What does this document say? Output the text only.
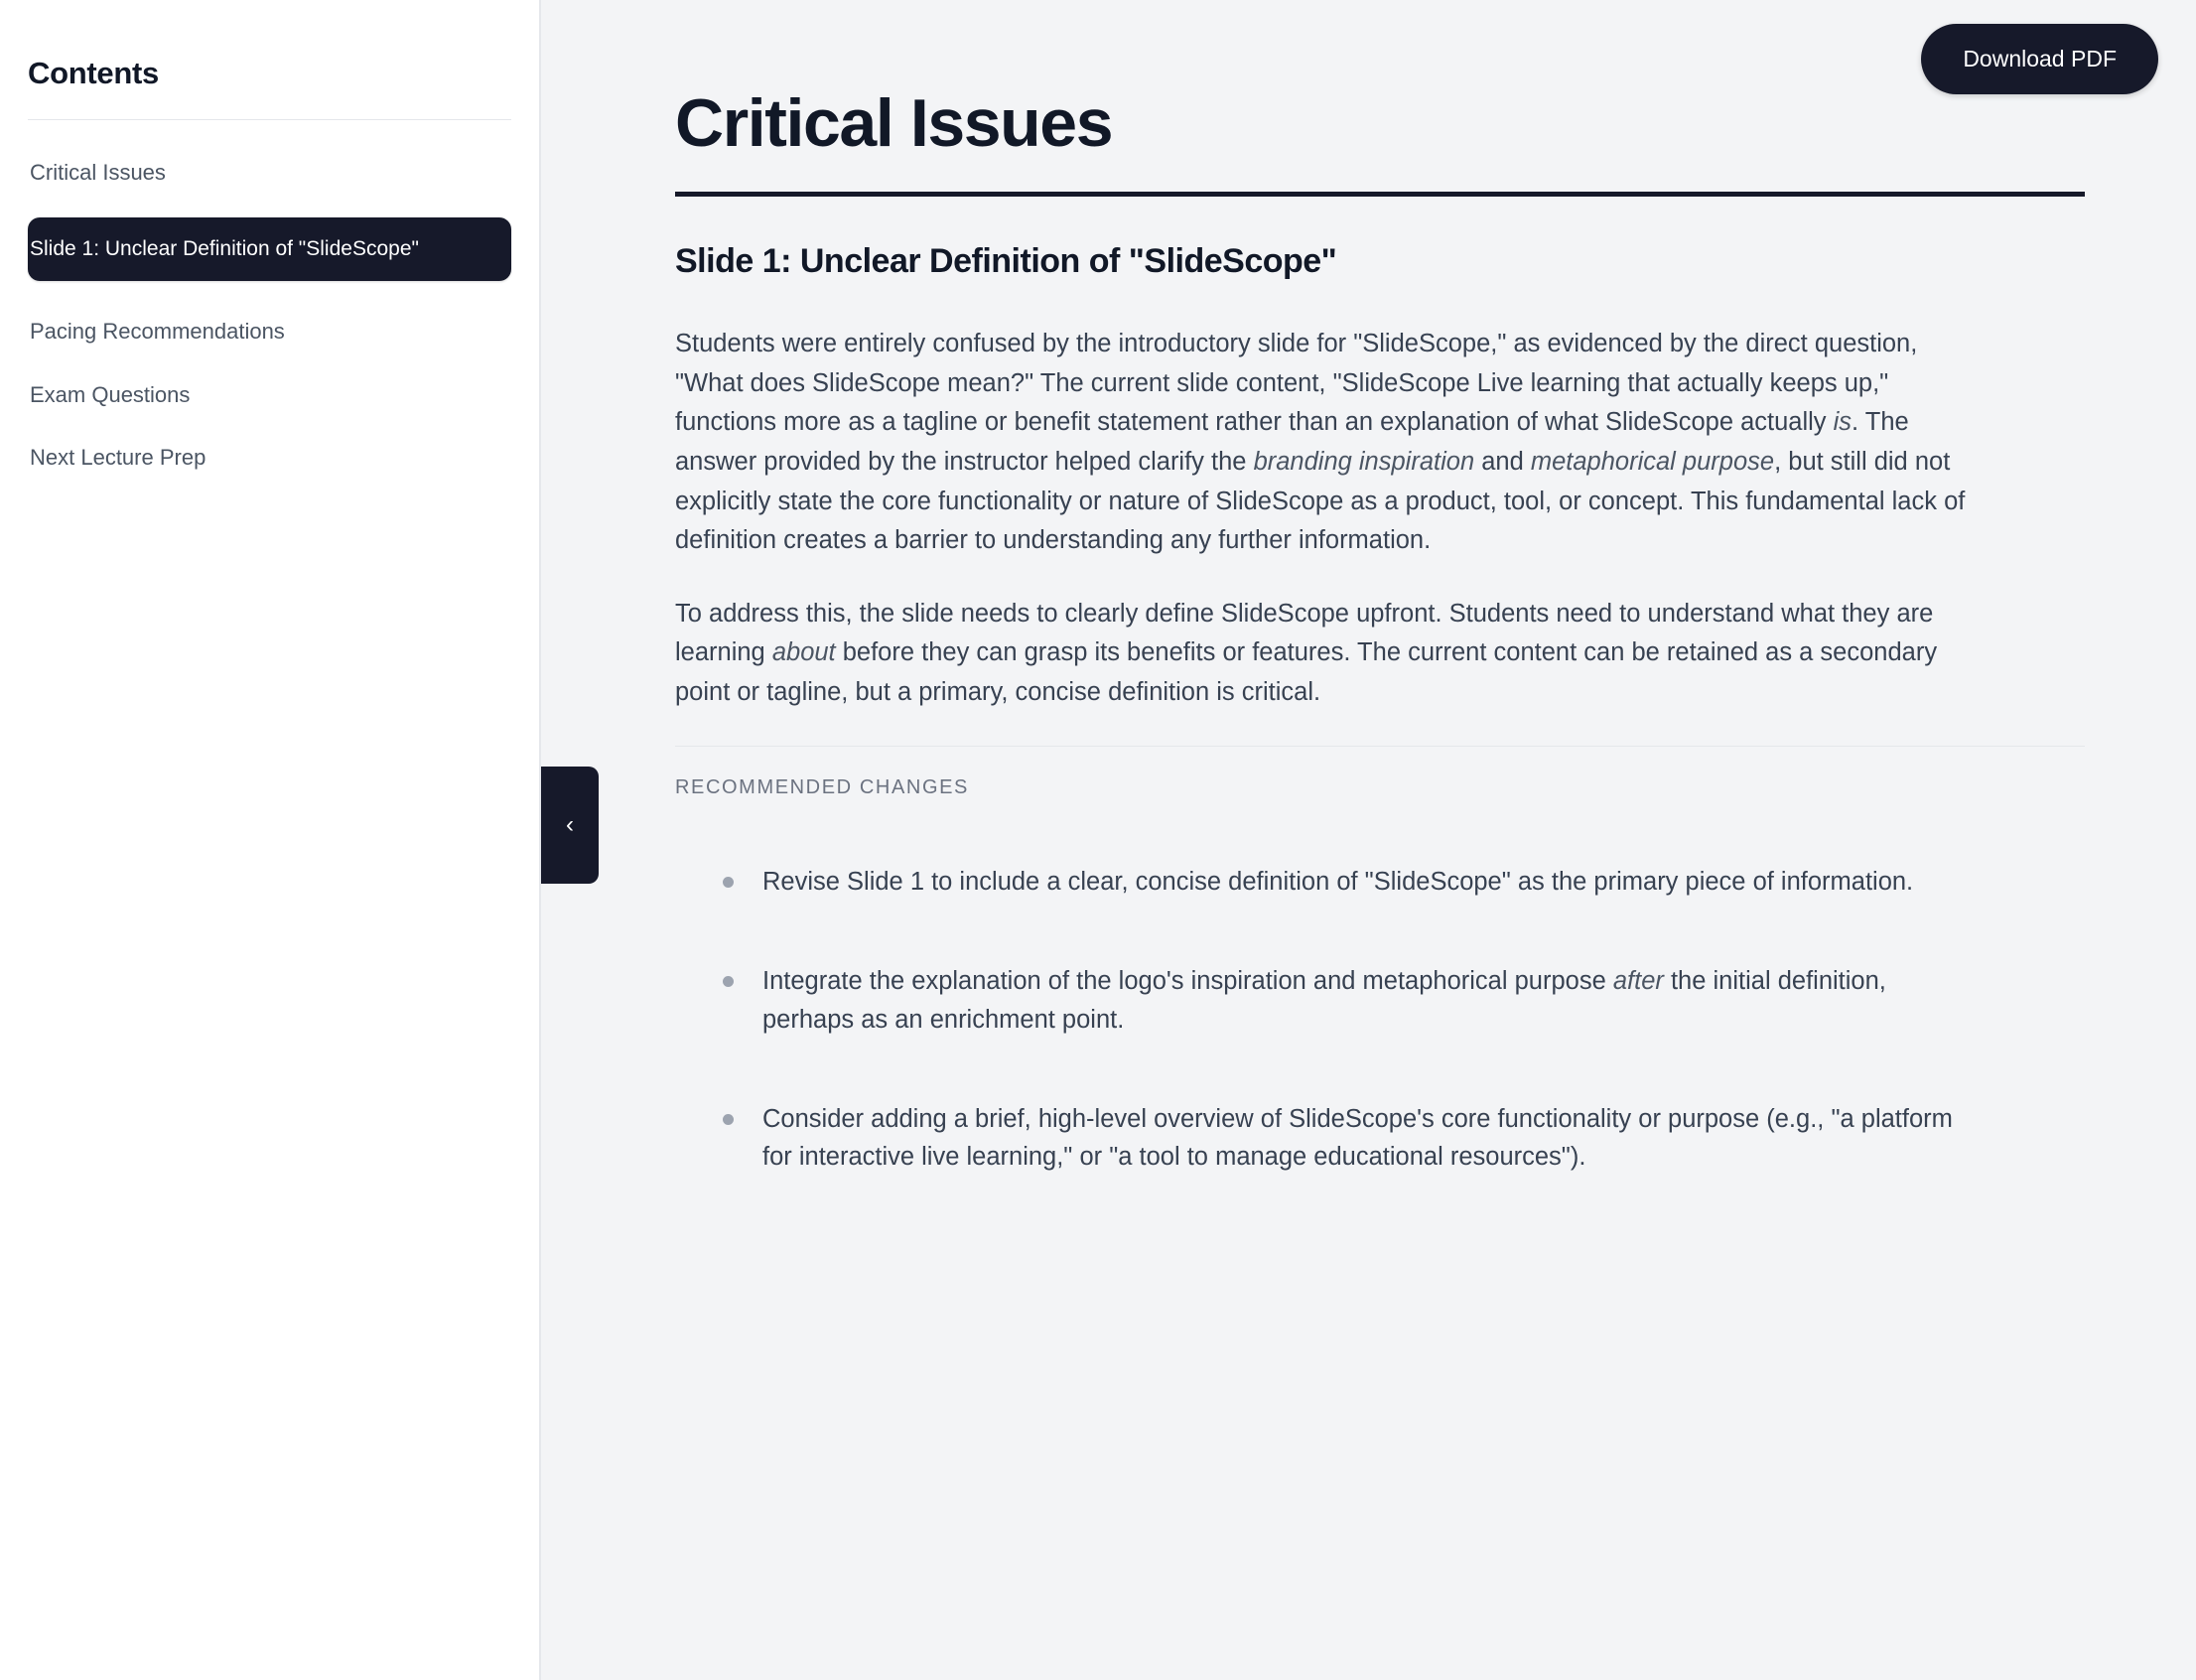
Contents
Critical Issues
Slide 1: Unclear Definition of "SlideScope"
Pacing Recommendations
Exam Questions
Next Lecture Prep
‹
Download PDF
Critical Issues
Slide 1: Unclear Definition of "SlideScope"

Students were entirely confused by the introductory slide for "SlideScope," as evidenced by the direct question, "What does SlideScope mean?" The current slide content, "SlideScope Live learning that actually keeps up," functions more as a tagline or benefit statement rather than an explanation of what SlideScope actually is. The answer provided by the instructor helped clarify the branding inspiration and metaphorical purpose, but still did not explicitly state the core functionality or nature of SlideScope as a product, tool, or concept. This fundamental lack of definition creates a barrier to understanding any further information.

To address this, the slide needs to clearly define SlideScope upfront. Students need to understand what they are learning about before they can grasp its benefits or features. The current content can be retained as a secondary point or tagline, but a primary, concise definition is critical.

RECOMMENDED CHANGES
Revise Slide 1 to include a clear, concise definition of "SlideScope" as the primary piece of information.
Integrate the explanation of the logo's inspiration and metaphorical purpose after the initial definition, perhaps as an enrichment point.
Consider adding a brief, high-level overview of SlideScope's core functionality or purpose (e.g., "a platform for interactive live learning," or "a tool to manage educational resources").
